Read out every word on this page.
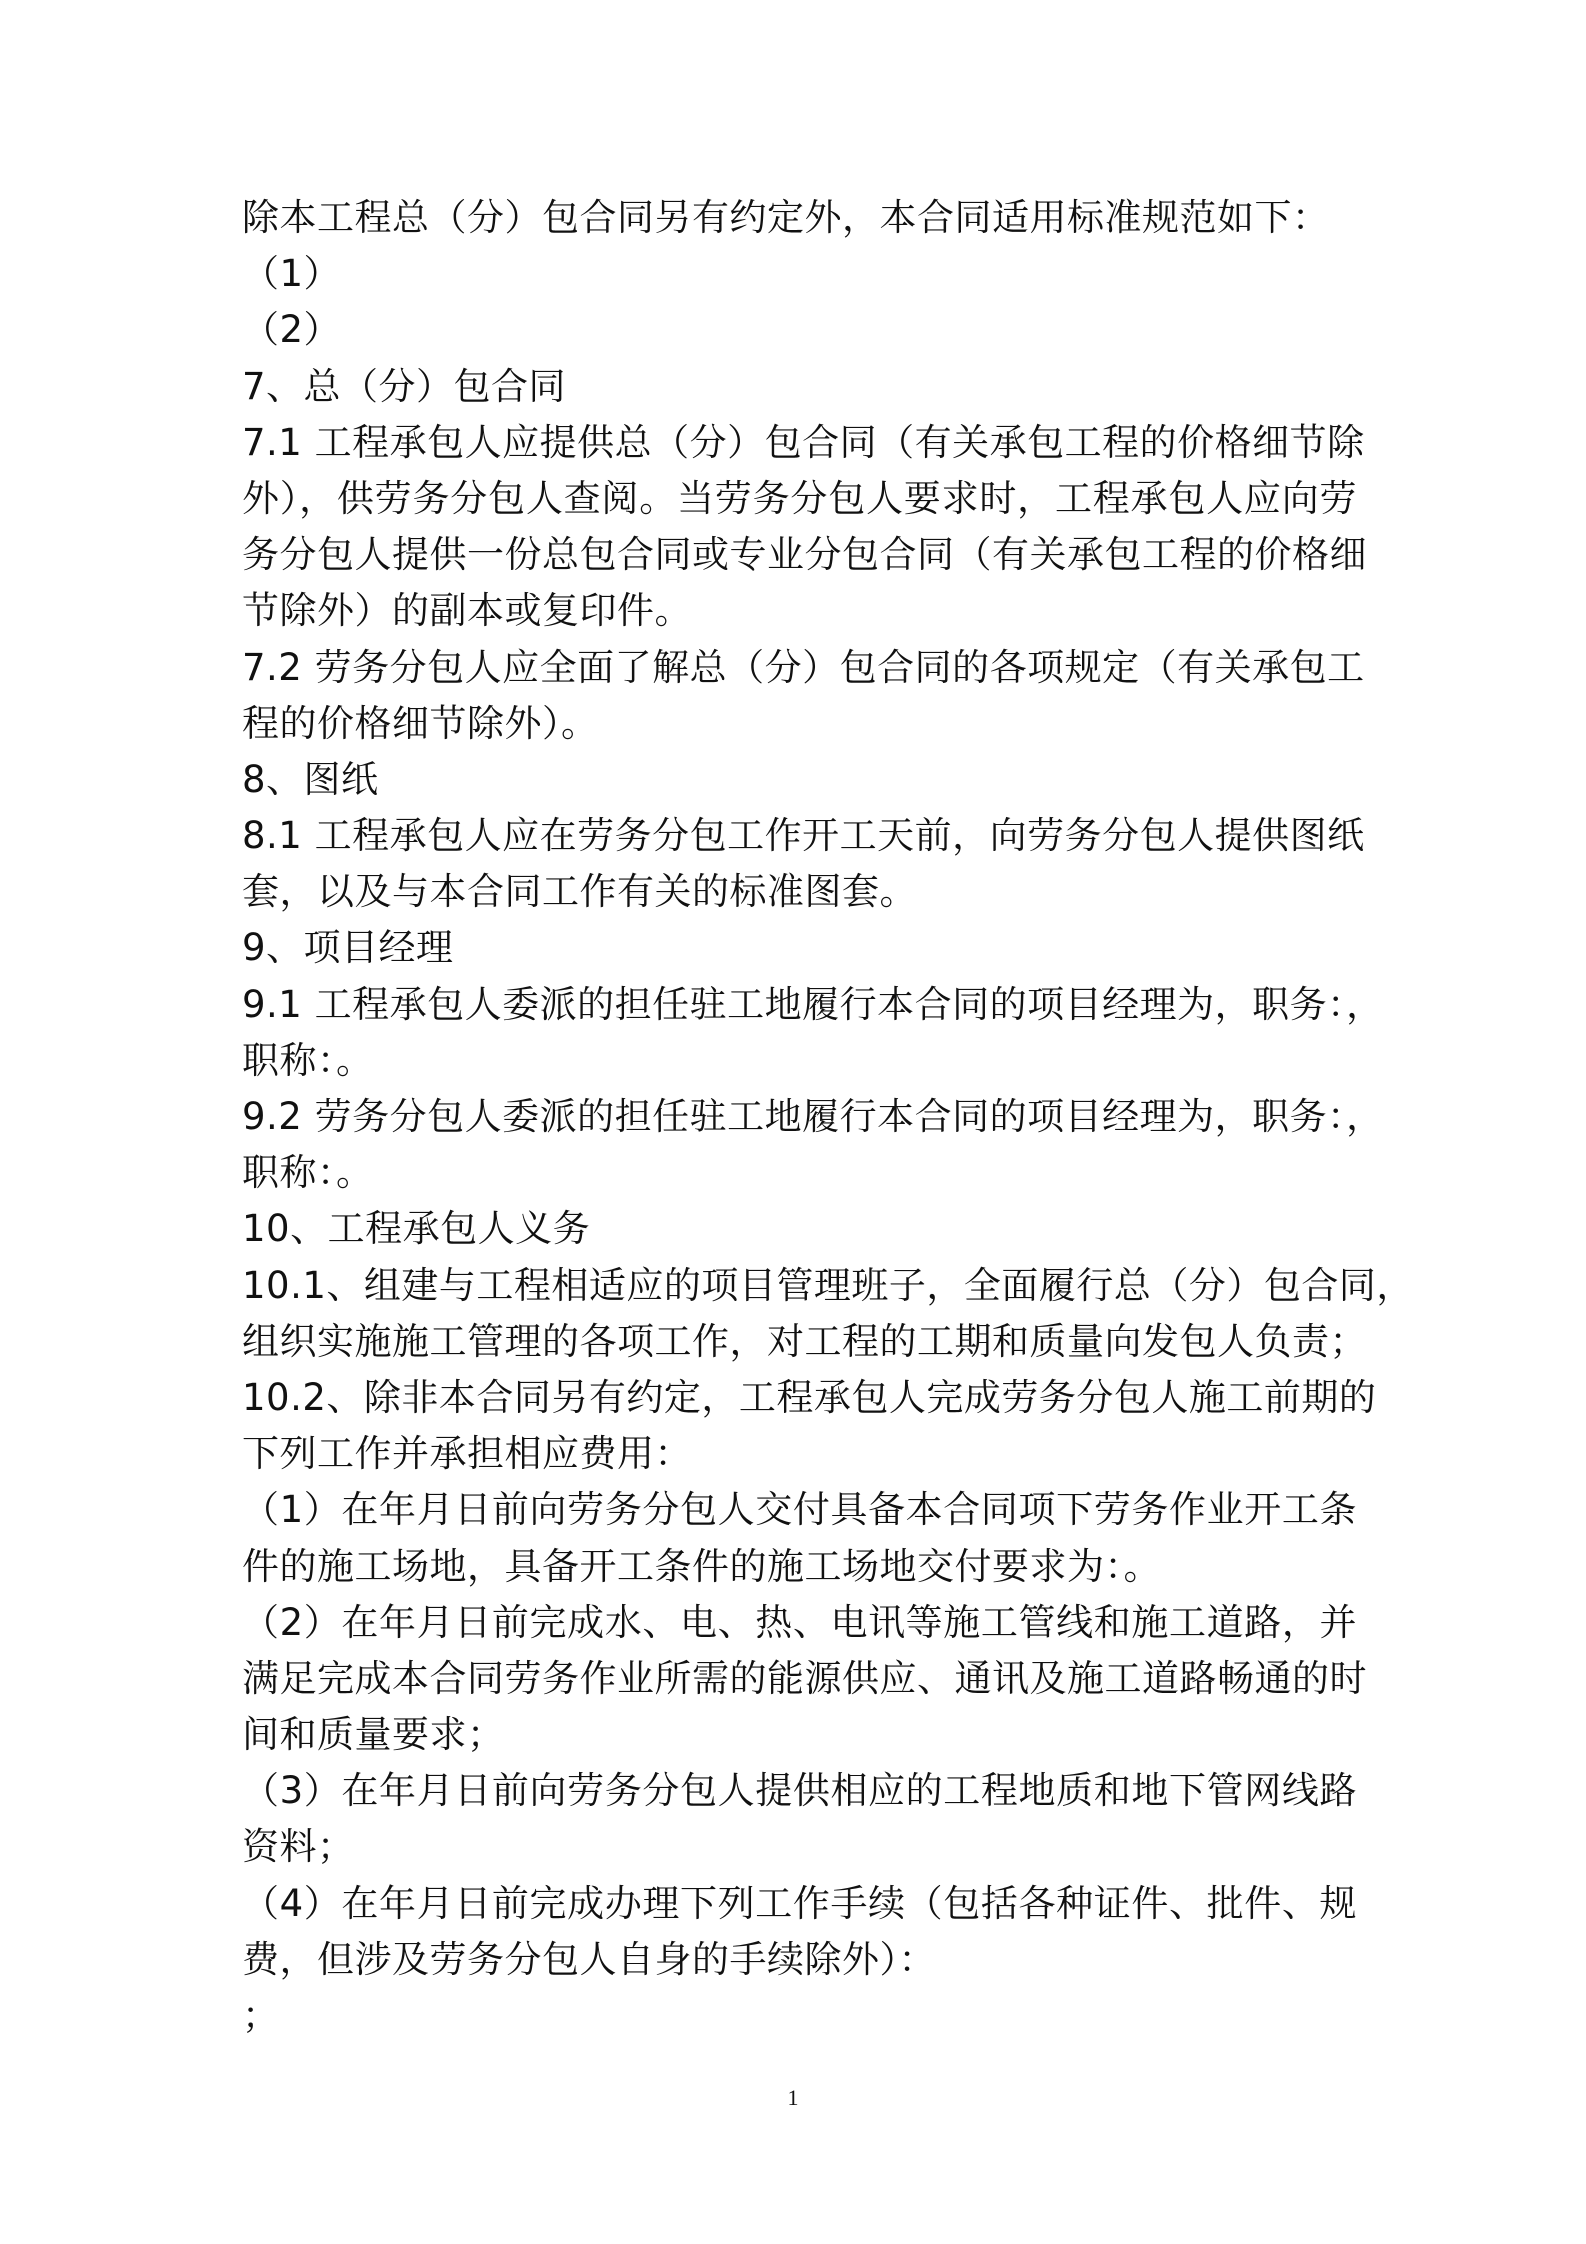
除本工程总（分）包合同另有约定外，本合同适用标准规范如下：
（1）
（2）
7、总（分）包合同
7.1 工程承包人应提供总（分）包合同（有关承包工程的价格细节除
外），供劳务分包人查阅。当劳务分包人要求时，工程承包人应向劳
务分包人提供一份总包合同或专业分包合同（有关承包工程的价格细
节除外）的副本或复印件。
7.2 劳务分包人应全面了解总（分）包合同的各项规定（有关承包工
程的价格细节除外）。
8、图纸
8.1 工程承包人应在劳务分包工作开工天前，向劳务分包人提供图纸
套，以及与本合同工作有关的标准图套。
9、项目经理
9.1 工程承包人委派的担任驻工地履行本合同的项目经理为，职务：，
职称：。
9.2 劳务分包人委派的担任驻工地履行本合同的项目经理为，职务：，
职称：。
10、工程承包人义务
10.1、组建与工程相适应的项目管理班子，全面履行总（分）包合同，
组织实施施工管理的各项工作，对工程的工期和质量向发包人负责；
10.2、除非本合同另有约定，工程承包人完成劳务分包人施工前期的
下列工作并承担相应费用：
（1）在年月日前向劳务分包人交付具备本合同项下劳务作业开工条
件的施工场地，具备开工条件的施工场地交付要求为：。
（2）在年月日前完成水、电、热、电讯等施工管线和施工道路，并
满足完成本合同劳务作业所需的能源供应、通讯及施工道路畅通的时
间和质量要求；
（3）在年月日前向劳务分包人提供相应的工程地质和地下管网线路
资料；
（4）在年月日前完成办理下列工作手续（包括各种证件、批件、规
费，但涉及劳务分包人自身的手续除外）：
；
1
